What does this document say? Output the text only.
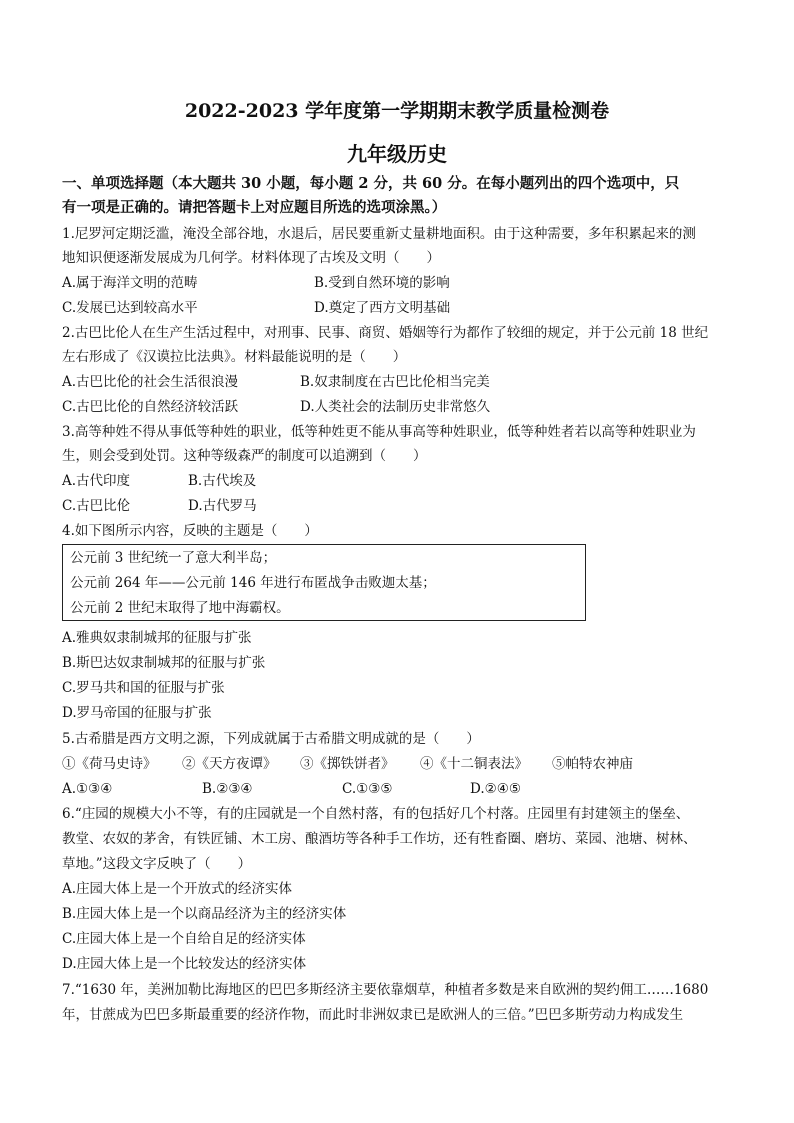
2022-2023 学年度第一学期期末教学质量检测卷
九年级历史
一、单项选择题（本大题共 30 小题，每小题 2 分，共 60 分。在每小题列出的四个选项中，只
有一项是正确的。请把答题卡上对应题目所选的选项涂黑。）
1.尼罗河定期泛滥，淹没全部谷地，水退后，居民要重新丈量耕地面积。由于这种需要，多年积累起来的测
地知识便逐渐发展成为几何学。材料体现了古埃及文明（　　）
A.属于海洋文明的范畴	B.受到自然环境的影响
C.发展已达到较高水平	D.奠定了西方文明基础
2.古巴比伦人在生产生活过程中，对刑事、民事、商贸、婚姻等行为都作了较细的规定，并于公元前 18 世纪
左右形成了《汉谟拉比法典》。材料最能说明的是（　　）
A.古巴比伦的社会生活很浪漫	B.奴隶制度在古巴比伦相当完美
C.古巴比伦的自然经济较活跃	D.人类社会的法制历史非常悠久
3.高等种姓不得从事低等种姓的职业，低等种姓更不能从事高等种姓职业，低等种姓者若以高等种姓职业为
生，则会受到处罚。这种等级森严的制度可以追溯到（　　）
A.古代印度	B.古代埃及
C.古巴比伦	D.古代罗马
4.如下图所示内容，反映的主题是（　　）
公元前 3 世纪统一了意大利半岛；
公元前 264 年——公元前 146 年进行布匿战争击败迦太基；
公元前 2 世纪末取得了地中海霸权。
A.雅典奴隶制城邦的征服与扩张
B.斯巴达奴隶制城邦的征服与扩张
C.罗马共和国的征服与扩张
D.罗马帝国的征服与扩张
5.古希腊是西方文明之源，下列成就属于古希腊文明成就的是（　　）
①《荷马史诗》 ②《天方夜谭》 ③《掷铁饼者》 ④《十二铜表法》 ⑤帕特农神庙
A.①③④	B.②③④	C.①③⑤	D.②④⑤
6.“庄园的规模大小不等，有的庄园就是一个自然村落，有的包括好几个村落。庄园里有封建领主的堡垒、
教堂、农奴的茅舍，有铁匠铺、木工房、酿酒坊等各种手工作坊，还有牲畜圈、磨坊、菜园、池塘、树林、
草地。”这段文字反映了（　　）
A.庄园大体上是一个开放式的经济实体
B.庄园大体上是一个以商品经济为主的经济实体
C.庄园大体上是一个自给自足的经济实体
D.庄园大体上是一个比较发达的经济实体
7.“1630 年，美洲加勒比海地区的巴巴多斯经济主要依靠烟草，种植者多数是来自欧洲的契约佣工……1680
年，甘蔗成为巴巴多斯最重要的经济作物，而此时非洲奴隶已是欧洲人的三倍。”巴巴多斯劳动力构成发生
